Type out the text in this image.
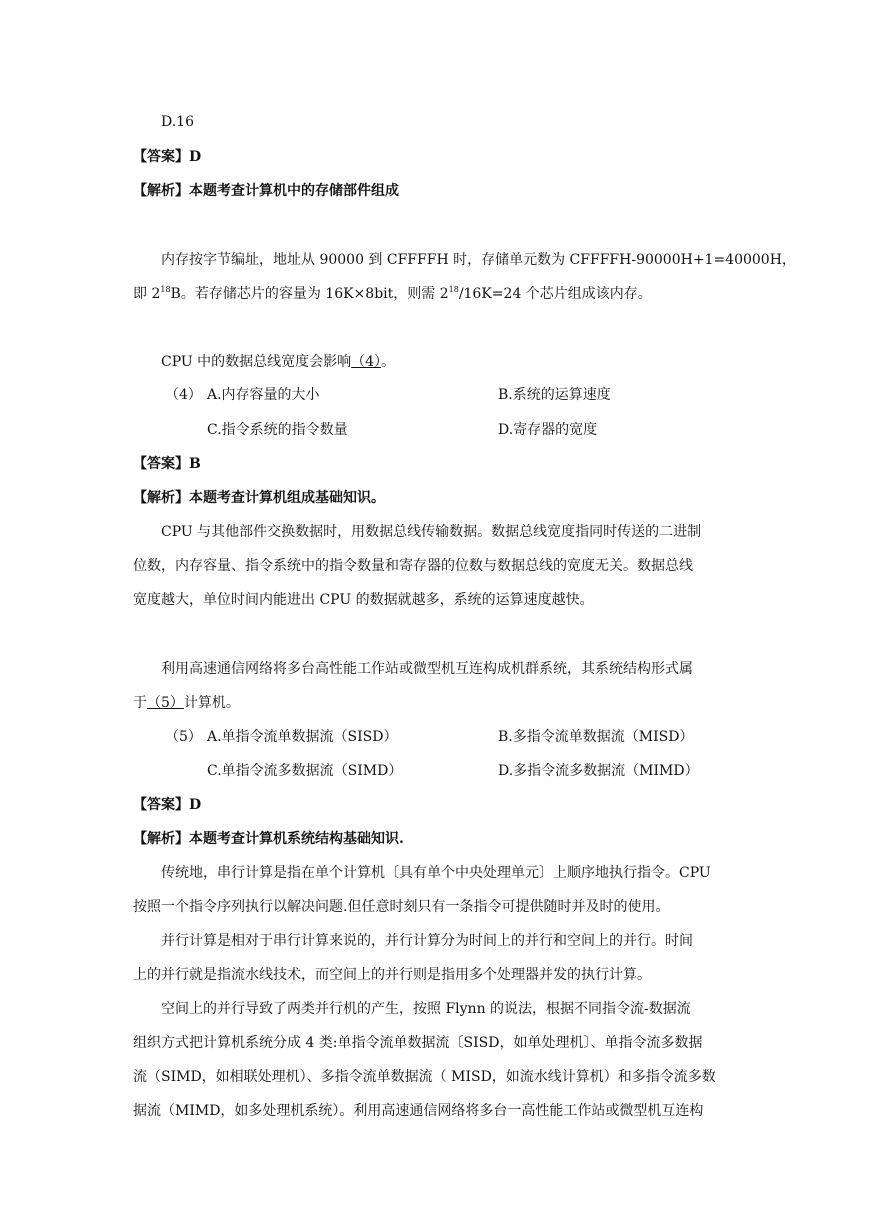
D.16
【答案】D
【解析】本题考查计算机中的存储部件组成
内存按字节编址，地址从 90000 到 CFFFFH 时，存储单元数为 CFFFFH-90000H+1=40000H，
即 $2^{18}B$。若存储芯片的容量为 16K×8bit，则需 $2^{18}/16K=24$ 个芯片组成该内存。
CPU 中的数据总线宽度会影响（4）。
（4） A.内存容量的大小	B.系统的运算速度
C.指令系统的指令数量	D.寄存器的宽度
【答案】B
【解析】本题考查计算机组成基础知识。
CPU 与其他部件交换数据时，用数据总线传输数据。数据总线宽度指同时传送的二进制
位数，内存容量、指令系统中的指令数量和寄存器的位数与数据总线的宽度无关。数据总线
宽度越大，单位时间内能进出 CPU 的数据就越多，系统的运算速度越快。
利用高速通信网络将多台高性能工作站或微型机互连构成机群系统，其系统结构形式属
于（5）计算机。
（5） A.单指令流单数据流（SISD）	B.多指令流单数据流（MISD）
C.单指令流多数据流（SIMD）	D.多指令流多数据流（MIMD）
【答案】D
【解析】本题考查计算机系统结构基础知识.
传统地，串行计算是指在单个计算机〔具有单个中央处理单元〕上顺序地执行指令。CPU
按照一个指令序列执行以解决问题.但任意时刻只有一条指令可提供随时并及时的使用。
并行计算是相对于串行计算来说的，并行计算分为时间上的并行和空间上的并行。时间
上的并行就是指流水线技术，而空间上的并行则是指用多个处理器并发的执行计算。
空间上的并行导致了两类并行机的产生，按照 Flynn 的说法，根据不同指令流-数据流
组织方式把计算机系统分成 4 类:单指令流单数据流〔SISD，如单处理机〕、单指令流多数据
流（SIMD，如相联处理机）、多指令流单数据流（ MISD，如流水线计算机）和多指令流多数
据流（MIMD，如多处理机系统）。利用高速通信网络将多台一高性能工作站或微型机互连构
